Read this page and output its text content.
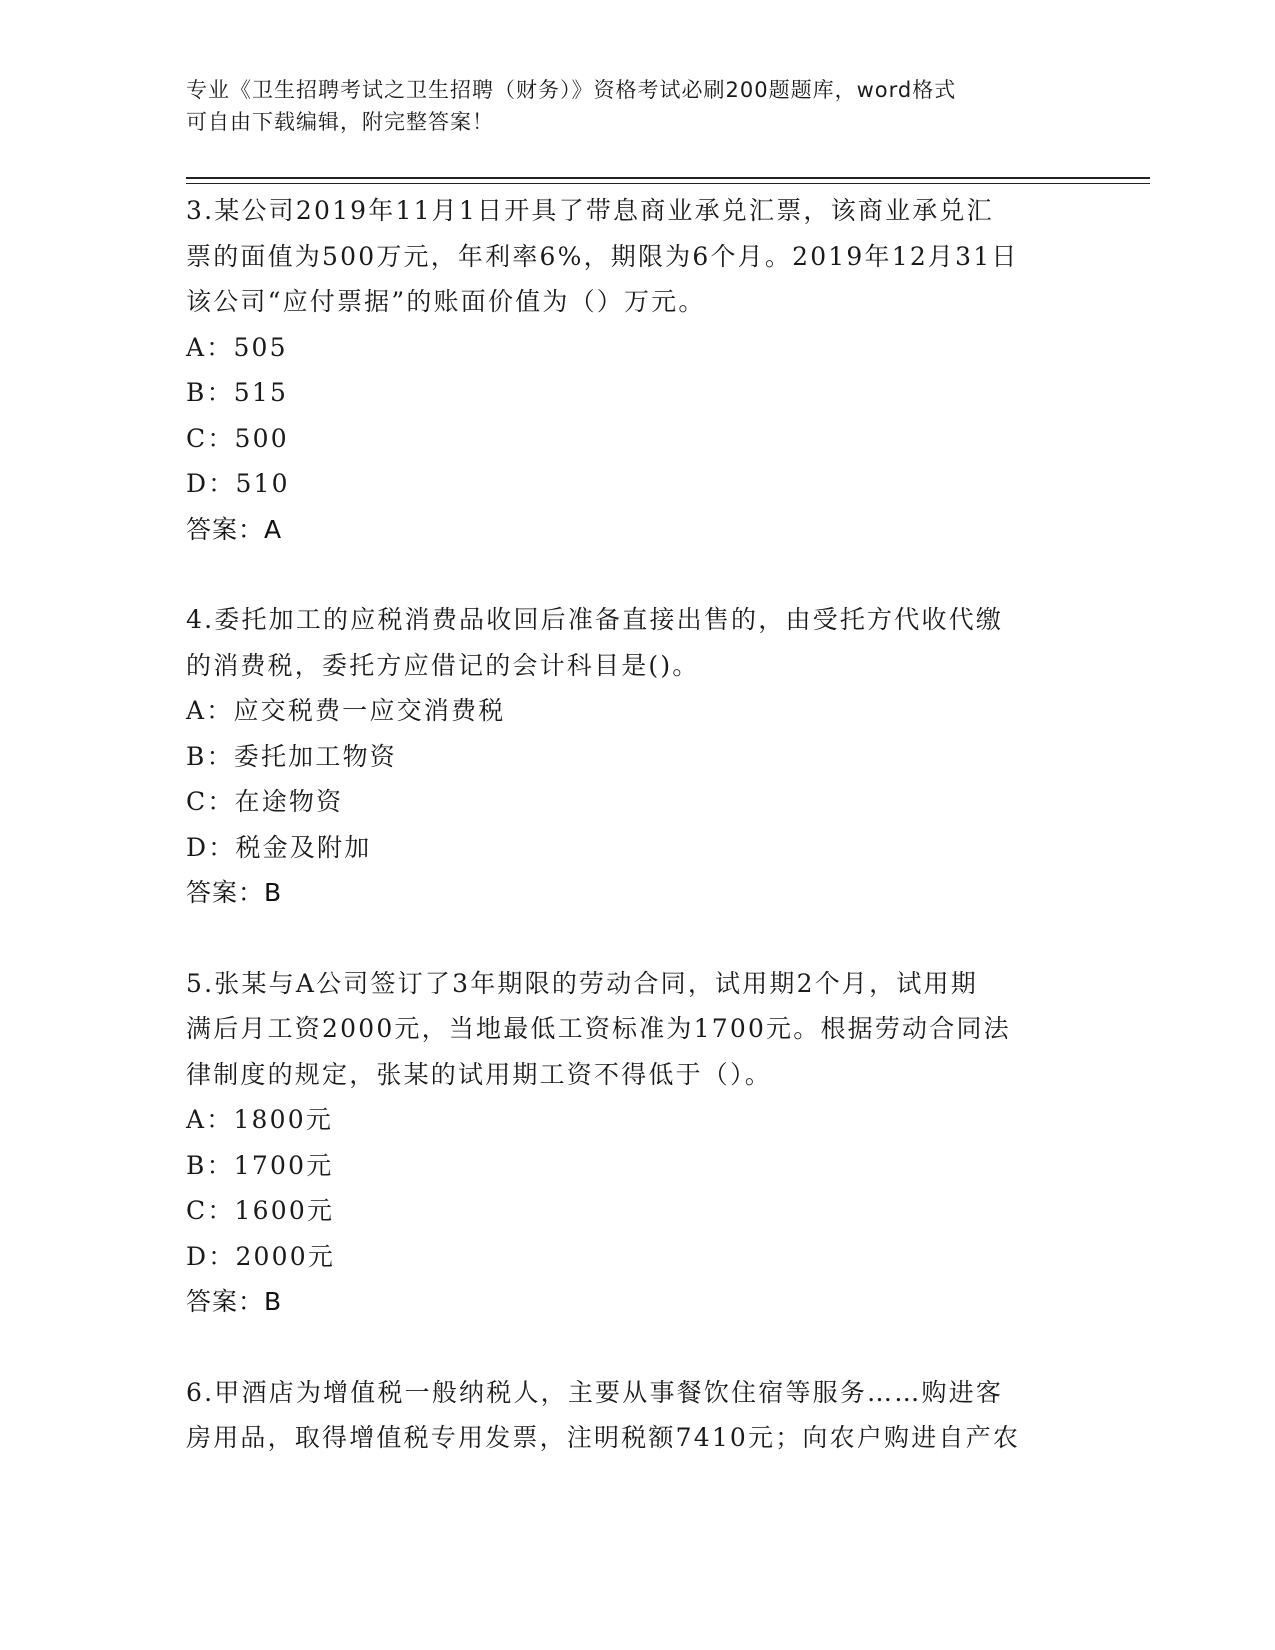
专业《卫生招聘考试之卫生招聘（财务）》资格考试必刷200题题库，word格式
可自由下载编辑，附完整答案！
3.某公司2019年11月1日开具了带息商业承兑汇票，该商业承兑汇
票的面值为500万元，年利率6%，期限为6个月。2019年12月31日
该公司“应付票据”的账面价值为（）万元。
A：505
B：515
C：500
D：510
答案：A
4.委托加工的应税消费品收回后准备直接出售的，由受托方代收代缴
的消费税，委托方应借记的会计科目是()。
A：应交税费一应交消费税
B：委托加工物资
C：在途物资
D：税金及附加
答案：B
5.张某与A公司签订了3年期限的劳动合同，试用期2个月，试用期
满后月工资2000元，当地最低工资标准为1700元。根据劳动合同法
律制度的规定，张某的试用期工资不得低于（）。
A：1800元
B：1700元
C：1600元
D：2000元
答案：B
6.甲酒店为增值税一般纳税人，主要从事餐饮住宿等服务……购进客
房用品，取得增值税专用发票，注明税额7410元；向农户购进自产农
